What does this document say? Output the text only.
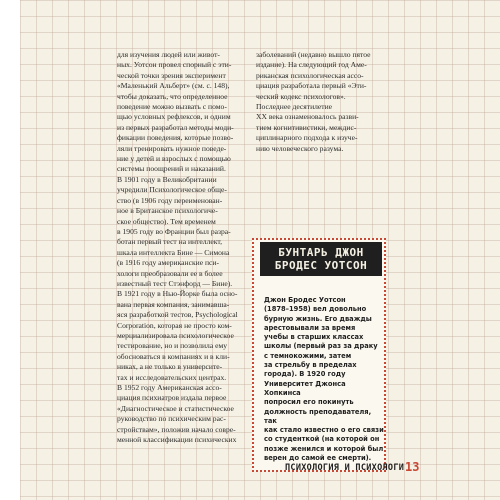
для изучения людей или живот-
ных. Уотсон провел спорный с эти-
ческой точки зрения эксперимент
«Маленький Альберт» (см. с. 148),
чтобы доказать, что определенное
поведение можно вызвать с помо-
щью условных рефлексов, и одним
из первых разработал методы моди-
фикации поведения, которые позво-
ляли тренировать нужное поведе-
ние у детей и взрослых с помощью
системы поощрений и наказаний.

В 1901 году в Великобритании
учредили Психологическое обще-
ство (в 1906 году переименован-
ное в Британское психологиче-
ское общество). Тем временем
в 1905 году во Франции был разра-
ботан первый тест на интеллект,
шкала интеллекта Бине — Симона
(в 1916 году американские пси-
хологи преобразовали ее в более
известный тест Стэнфорд — Бине).
В 1921 году в Нью-Йорке была осно-
вана первая компания, занимавша-
яся разработкой тестов, Psychological
Corporation, которая не просто ком-
мерциализировала психологическое
тестирование, но и позволила ему
обосноваться в компаниях и в кли-
никах, а не только в университе-
тах и исследовательских центрах.

В 1952 году Американская ассо-
циация психиатров издала первое
«Диагностическое и статистическое
руководство по психическим рас-
стройствам», положив начало совре-
менной классификации психических

заболеваний (недавно вышло пятое
издание). На следующий год Аме-
риканская психологическая ассо-
циация разработала первый «Эти-
ческий кодекс психологов».

Последнее десятилетие
XX века ознаменовалось разви-
тием когнитивистики, междис-
циплинарного подхода к изуче-
нию человеческого разума.

БУНТАРЬ ДЖОН БРОДЕС УОТСОН
Джон Бродес Уотсон
(1878–1958) вел довольно
бурную жизнь. Его дважды
арестовывали за время
учебы в старших классах
школы (первый раз за драку
с темнокожими, затем
за стрельбу в пределах
города). В 1920 году
Университет Джонса Хопкинса
попросил его покинуть
должность преподавателя, так
как стало известно о его связи
со студенткой (на которой он
позже женился и которой был
верен до самой ее смерти).
ПСИХОЛОГИЯ И ПСИХОЛОГИ 13
